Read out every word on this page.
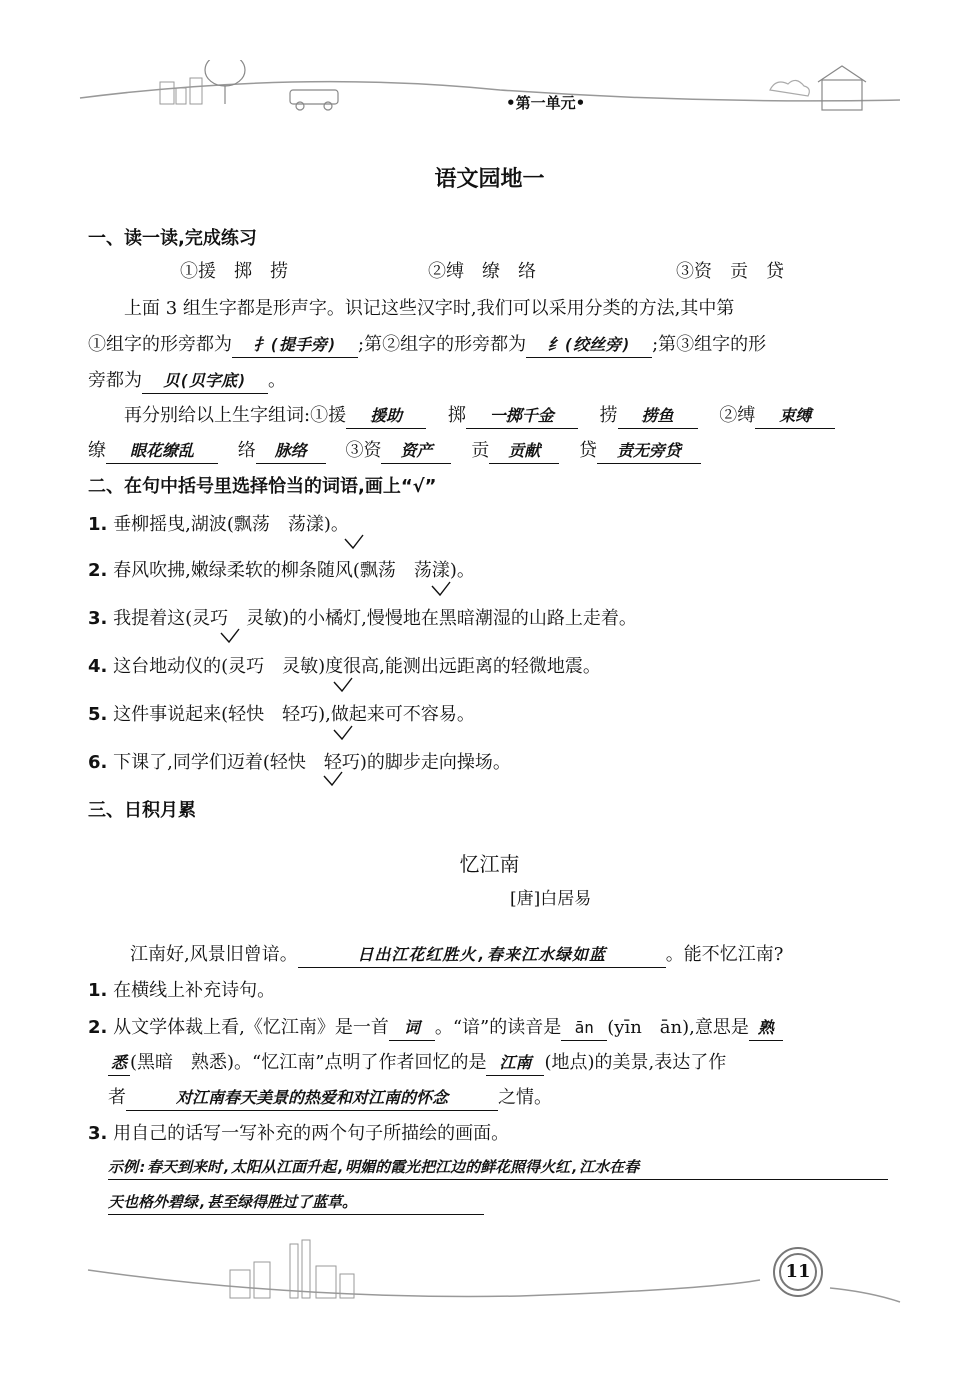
•第一单元•
语文园地一
一、读一读,完成练习
①援　掷　捞	②缚　缭　络	③资　贡　贷
上面 3 组生字都是形声字。识记这些汉字时,我们可以采用分类的方法,其中第
①组字的形旁都为 扌(提手旁) ;第②组字的形旁都为 纟(绞丝旁) ;第③组字的形
旁都为 贝(贝字底) 。
再分别给以上生字组词:①援 援助	掷 一掷千金	捞 捞鱼	②缚 束缚
缭 眼花缭乱 络 脉络 ③资 资产 贡 贡献 贷 责无旁贷
二、在句中括号里选择恰当的词语,画上“√”
1. 垂柳摇曳,湖波(飘荡　荡漾)。
2. 春风吹拂,嫩绿柔软的柳条随风(飘荡　荡漾)。
3. 我提着这(灵巧　灵敏)的小橘灯,慢慢地在黑暗潮湿的山路上走着。
4. 这台地动仪的(灵巧　灵敏)度很高,能测出远距离的轻微地震。
5. 这件事说起来(轻快　轻巧),做起来可不容易。
6. 下课了,同学们迈着(轻快　轻巧)的脚步走向操场。
三、日积月累
忆江南
[唐]白居易
江南好,风景旧曾谙。	日出江花红胜火,春来江水绿如蓝	。能不忆江南?
1. 在横线上补充诗句。
2. 从文学体裁上看,《忆江南》是一首 词 。“谙”的读音是 ān (yīn　ān),意思是 熟
悉 (黑暗　熟悉)。“忆江南”点明了作者回忆的是 江南 (地点)的美景,表达了作
者	对江南春天美景的热爱和对江南的怀念	之情。
3. 用自己的话写一写补充的两个句子所描绘的画面。
示例:春天到来时,太阳从江面升起,明媚的霞光把江边的鲜花照得火红,江水在春
天也格外碧绿,甚至绿得胜过了蓝草。
11
